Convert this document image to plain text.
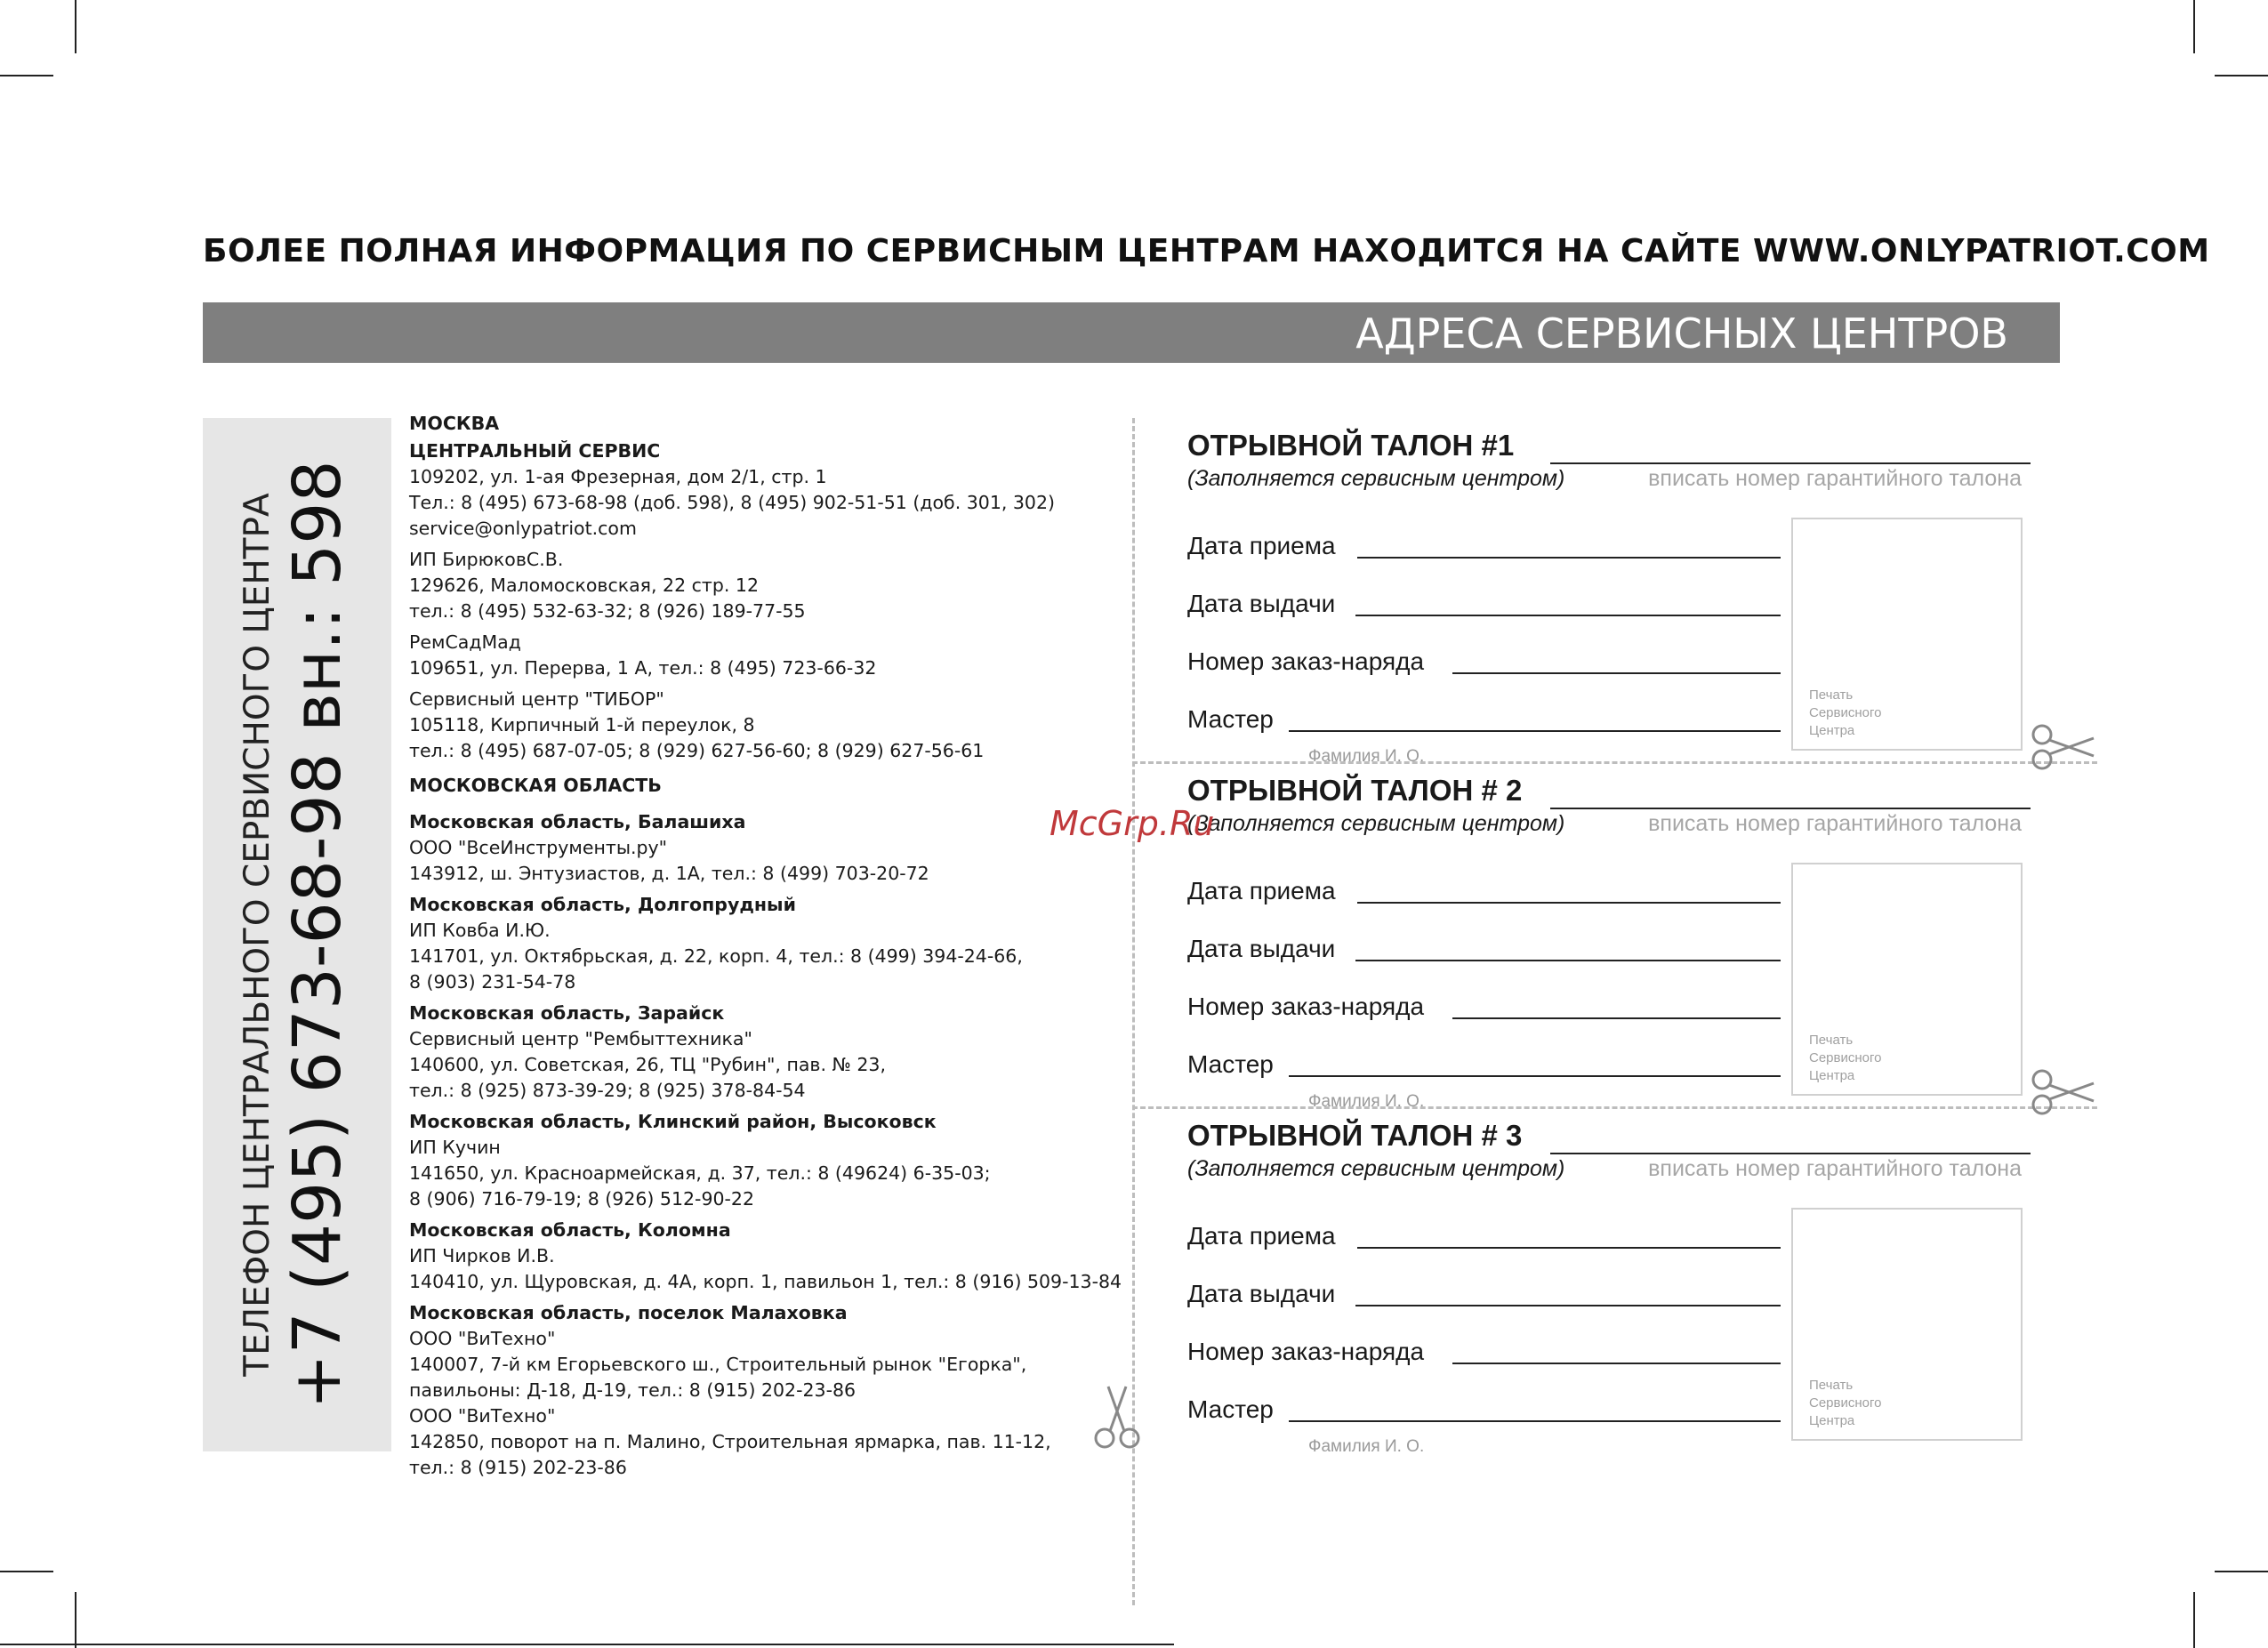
БОЛЕЕ ПОЛНАЯ ИНФОРМАЦИЯ ПО СЕРВИСНЫМ ЦЕНТРАМ НАХОДИТСЯ НА САЙТЕ WWW.ONLYPATRIOT.COM
АДРЕСА СЕРВИСНЫХ ЦЕНТРОВ
ТЕЛЕФОН ЦЕНТРАЛЬНОГО СЕРВИСНОГО ЦЕНТРА +7 (495) 673-68-98 вн.: 598
МОСКВА
ЦЕНТРАЛЬНЫЙ СЕРВИС
109202, ул. 1-ая Фрезерная, дом 2/1, стр. 1
Тел.: 8 (495) 673-68-98 (доб. 598), 8 (495) 902-51-51 (доб. 301, 302)
service@onlypatriot.com
ИП БирюковС.В.
129626, Маломосковская, 22 стр. 12
тел.: 8 (495) 532-63-32; 8 (926) 189-77-55
РемСадМад
109651, ул. Перерва, 1 А, тел.: 8 (495) 723-66-32
Сервисный центр "ТИБОР"
105118, Кирпичный 1-й переулок, 8
тел.: 8 (495) 687-07-05; 8 (929) 627-56-60; 8 (929) 627-56-61
МОСКОВСКАЯ ОБЛАСТЬ
Московская область, Балашиха
ООО "ВсеИнструменты.ру"
143912, ш. Энтузиастов, д. 1А, тел.: 8 (499) 703-20-72
Московская область, Долгопрудный
ИП Ковба И.Ю.
141701, ул. Октябрьская, д. 22, корп. 4, тел.: 8 (499) 394-24-66,
8 (903) 231-54-78
Московская область, Зарайск
Сервисный центр "Рембыттехника"
140600, ул. Советская, 26, ТЦ "Рубин", пав. № 23,
тел.: 8 (925) 873-39-29; 8 (925) 378-84-54
Московская область, Клинский район, Высоковск
ИП Кучин
141650, ул. Красноармейская, д. 37, тел.: 8 (49624) 6-35-03;
8 (906) 716-79-19; 8 (926) 512-90-22
Московская область, Коломна
ИП Чирков И.В.
140410, ул. Щуровская, д. 4А, корп. 1, павильон 1, тел.: 8 (916) 509-13-84
Московская область, поселок Малаховка
ООО "ВиТехно"
140007, 7-й км Егорьевского ш., Строительный рынок "Егорка",
павильоны: Д-18, Д-19, тел.: 8 (915) 202-23-86
ООО "ВиТехно"
142850, поворот на п. Малино, Строительная ярмарка, пав. 11-12,
тел.: 8 (915) 202-23-86
ОТРЫВНОЙ ТАЛОН #1
(Заполняется сервисным центром)	вписать номер гарантийного талона
Дата приема
Дата выдачи
Номер заказ-наряда
Мастер
Фамилия И. О.
Печать
Сервисного
Центра
ОТРЫВНОЙ ТАЛОН # 2
(Заполняется сервисным центром)	вписать номер гарантийного талона
Дата приема
Дата выдачи
Номер заказ-наряда
Мастер
Фамилия И. О.
Печать
Сервисного
Центра
ОТРЫВНОЙ ТАЛОН # 3
(Заполняется сервисным центром)	вписать номер гарантийного талона
Дата приема
Дата выдачи
Номер заказ-наряда
Мастер
Фамилия И. О.
Печать
Сервисного
Центра
McGrp.Ru
